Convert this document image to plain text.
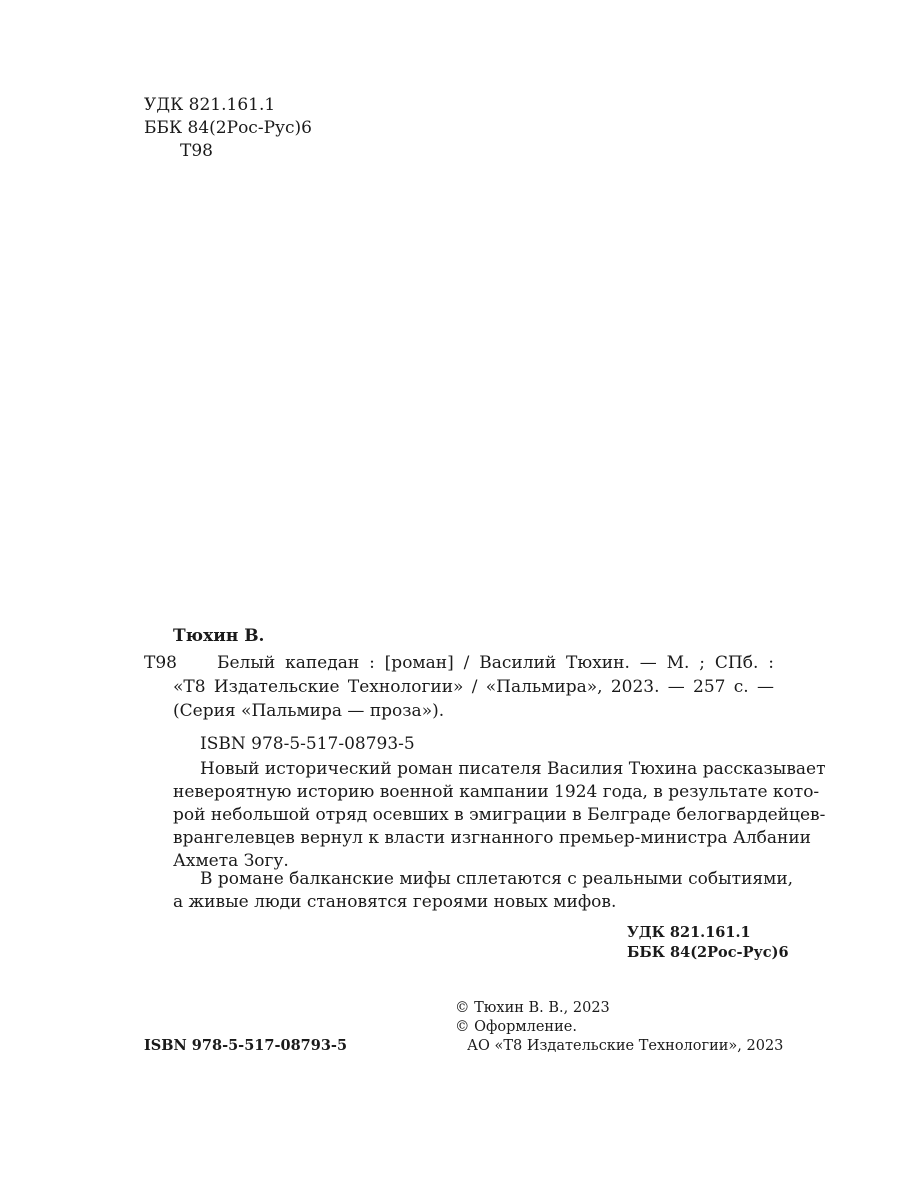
УДК 821.161.1
ББК 84(2Рос-Рус)6
Т98
Тюхин В.
Т98 Белый капедан : [роман] / Василий Тюхин. — М. ; СПб. :
«Т8 Издательские Технологии» / «Пальмира», 2023. — 257 с. —
(Серия «Пальмира — проза»).
ISBN 978-5-517-08793-5
Новый исторический роман писателя Василия Тюхина рассказывает
невероятную историю военной кампании 1924 года, в результате кото-
рой небольшой отряд осевших в эмиграции в Белграде белогвардейцев-
врангелевцев вернул к власти изгнанного премьер-министра Албании
Ахмета Зогу.
В романе балканские мифы сплетаются с реальными событиями,
а живые люди становятся героями новых мифов.
УДК 821.161.1
ББК 84(2Рос-Рус)6
© Тюхин В. В., 2023
© Оформление.
ISBN 978-5-517-08793-5	АО «Т8 Издательские Технологии», 2023
